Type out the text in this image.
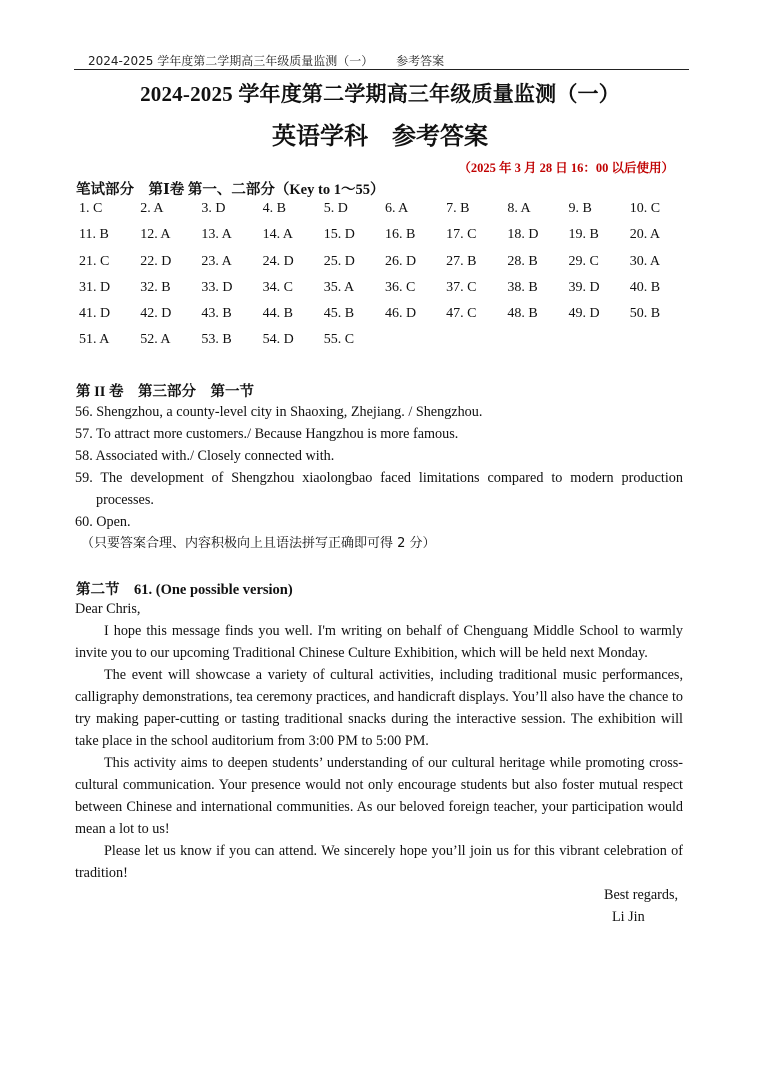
2024-2025 学年度第二学期高三年级质量监测（一） 参考答案
2024-2025 学年度第二学期高三年级质量监测（一）
英语学科 参考答案
（2025 年 3 月 28 日 16：00 以后使用）
笔试部分　第Ⅰ卷 第一、二部分（Key to 1～55）
1. C	2. A	3. D	4. B	5. D	6. A	7. B	8. A	9. B	10. C
11. B	12. A	13. A	14. A	15. D	16. B	17. C	18. D	19. B	20. A
21. C	22. D	23. A	24. D	25. D	26. D	27. B	28. B	29. C	30. A
31. D	32. B	33. D	34. C	35. A	36. C	37. C	38. B	39. D	40. B
41. D	42. D	43. B	44. B	45. B	46. D	47. C	48. B	49. D	50. B
51. A	52. A	53. B	54. D	55. C
第 II 卷　第三部分　第一节
56. Shengzhou, a county-level city in Shaoxing, Zhejiang. / Shengzhou.
57. To attract more customers./ Because Hangzhou is more famous.
58. Associated with./ Closely connected with.
59. The development of Shengzhou xiaolongbao faced limitations compared to modern production processes.
60. Open.
（只要答案合理、内容积极向上且语法拼写正确即可得 2 分）
第二节　61. (One possible version)

Dear Chris,

I hope this message finds you well. I'm writing on behalf of Chenguang Middle School to warmly invite you to our upcoming Traditional Chinese Culture Exhibition, which will be held next Monday.

The event will showcase a variety of cultural activities, including traditional music performances, calligraphy demonstrations, tea ceremony practices, and handicraft displays. You’ll also have the chance to try making paper-cutting or tasting traditional snacks during the interactive session. The exhibition will take place in the school auditorium from 3:00 PM to 5:00 PM.

This activity aims to deepen students’ understanding of our cultural heritage while promoting cross-cultural communication. Your presence would not only encourage students but also foster mutual respect between Chinese and international communities. As our beloved foreign teacher, your participation would mean a lot to us!

Please let us know if you can attend. We sincerely hope you’ll join us for this vibrant celebration of tradition!

Best regards,
Li Jin
